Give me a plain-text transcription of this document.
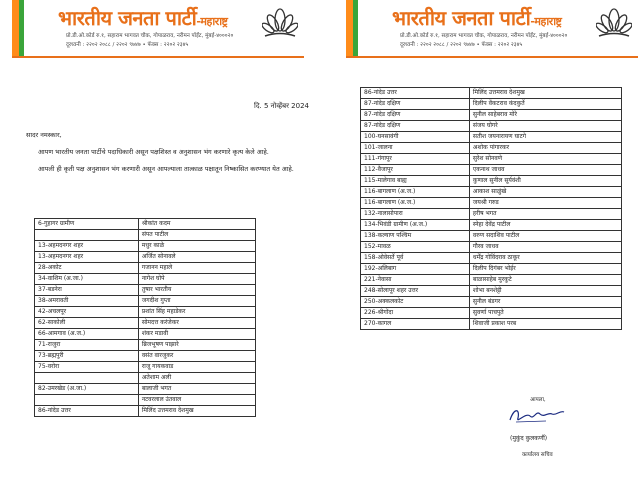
भारतीय जनता पार्टी-महाराष्ट्र
प्रो.डी.ओ.कोर्ड रु.१, सहाराम भागवत चौक, गोपाळराव, नरीमन पॉईंट, मुंबई-४०००२०
दूरध्वनी : २२०२ २०८८ / २२०२ ९७४७ • फॅक्स : २२०२ २३४५
दि. 5 नोव्हेंबर 2024

सादर नमस्कार,

आपण भारतीय जनता पार्टीचे पदाधिकारी असून पक्षशिस्त व अनुशासन भंग करणारे कृत्य केले आहे.

आपली ही कृती पक्ष अनुशासन भंग करणारी असून आपल्याला तात्काळ पक्षातून निष्कासित करण्यात येत आहे.

6-गुहागर ग्रामीण	श्रीकांत कदम
	संपत पाटील
13-अहमदनगर शहर	मधुर काळे
13-अहमदनगर शहर	अर्जित सोनावले
28-अकोट	गजानन महाले
34-वाशिम (अ.जा.)	नागेश घोपे
37-बडनेरा	तुषार भारतीय
38-अमरावती	जगदीश गुप्ता
42-अचलपूर	प्रशांत सिंह महाडेकर
62-साकोली	सोमदत्त करंजेकर
66-आमगाव (अ.ज.)	शंकर मडावी
71-राजुरा	ब्रिजभूषण पाझारे
73-ब्रह्मपुरी	वसंत वारजुकर
75-वरोरा	राजू गायकवाड
	अतेशाम अली
82-उमरखेड (अ.जा.)	बालाजी भगत
	नटवरलाल उंतवाल
86-नांदेड उत्तर	मिलिंद उत्तमराव देशमुख
भारतीय जनता पार्टी-महाराष्ट्र
प्रो.डी.ओ.कोर्ड रु.१, सहाराम भागवत चौक, गोपाळराव, नरीमन पॉईंट, मुंबई-४०००२०
दूरध्वनी : २२०२ २०८८ / २२०२ ९७४७ • फॅक्स : २२०२ २३४५
86-नांदेड उत्तर	मिलिंद उत्तमराव देशमुख
87-नांदेड दक्षिण	दिलीप वेंकटराव कंदकुर्ते
87-नांदेड दक्षिण	सुनील साहेबराव मोरे
87-नांदेड दक्षिण	संजय घोगरे
100-घनसावंगी	सतीश जयनारायण घाटगे
101-जालना	अशोक पांगारकर
111-गंगापूर	सुरेश सोनवणे
112-वैजापूर	एकनाथ जाधव
115-मालेगाव बाह्य	कुणाल सुनील सूर्यवंशी
116-बागलाण (अ.ज.)	आकाश साळुंखे
116-बागलाण (अ.ज.)	जयश्री गरुड
132-नालासोपारा	हरीष भगत
134-भिवंडी ग्रामीण (अ.ज.)	स्नेहा देवेंद्र पाटील
138-कल्याण पश्चिम	वरुण सदाशिव पाटील
152-मावळ	गौरव जाधव
158-ओवेसर्ते पूर्व	धर्मेंद्र गोविंदराव ठाकूर
192-अलिबाग	दिलीप दिगंबर भोईर
221-नेवासा	बाळासाहेब मुरकुटे
248-सोलापूर शहर उत्तर	शोभा बनशेट्टी
250-अक्कलकोट	सुनील बंडगर
226-श्रीगोंदा	सुवर्णा पाचपुते
270-कागल	शिवाजी प्रकाश परब
आपला,
(मुकुंद कुलकर्णी)
कार्यालय सचिव
